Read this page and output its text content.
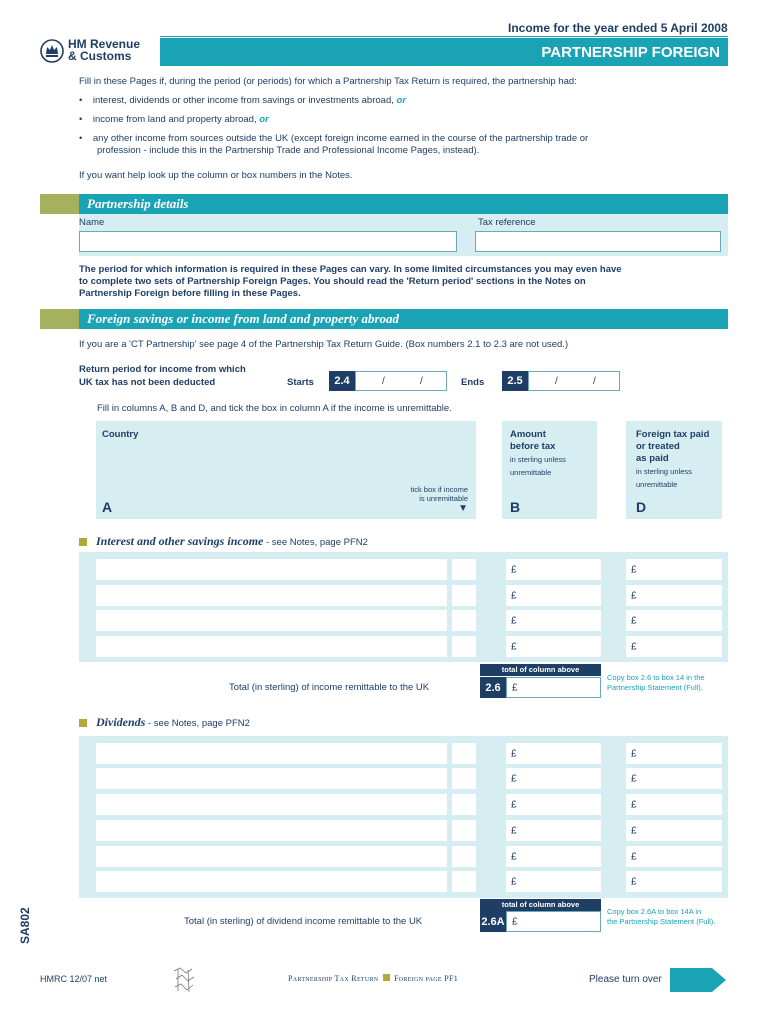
Income for the year ended 5 April 2008
HM Revenue
& Customs	PARTNERSHIP FOREIGN
Fill in these Pages if, during the period (or periods) for which a Partnership Tax Return is required, the partnership had:
•    interest, dividends or other income from savings or investments abroad, or
•    income from land and property abroad, or
•    any other income from sources outside the UK (except foreign income earned in the course of the partnership trade or
profession - include this in the Partnership Trade and Professional Income Pages, instead).
If you want help look up the column or box numbers in the Notes.
Partnership details
Name	Tax reference
The period for which information is required in these Pages can vary. In some limited circumstances you may even have
to complete two sets of Partnership Foreign Pages. You should read the 'Return period' sections in the Notes on
Partnership Foreign before filling in these Pages.
Foreign savings or income from land and property abroad
If you are a 'CT Partnership' see page 4 of the Partnership Tax Return Guide. (Box numbers 2.1 to 2.3 are not used.)
Return period for income from which
UK tax has not been deducted	Starts	2.4	/	/	Ends	2.5	/	/
Fill in columns A, B and D, and tick the box in column A if the income is unremittable.
Country
tick box if income
is unremittable
▼
A
Amount
before tax
in sterling unless
unremittable
B
Foreign tax paid
or treated
as paid
in sterling unless
unremittable
D
Interest and other savings income - see Notes, page PFN2
£	£
£	£
£	£
£	£
total of column above
Total (in sterling) of income remittable to the UK	2.6	£
Copy box 2.6 to box 14 in the
Partnership Statement (Full).
Dividends - see Notes, page PFN2
£	£
£	£
£	£
£	£
£	£
£	£
total of column above
Total (in sterling) of dividend income remittable to the UK	2.6A £
Copy box 2.6A to box 14A in
the Partnership Statement (Full).
SA802
HMRC 12/07 net	Partnership Tax Return Foreign page PF1	Please turn over
